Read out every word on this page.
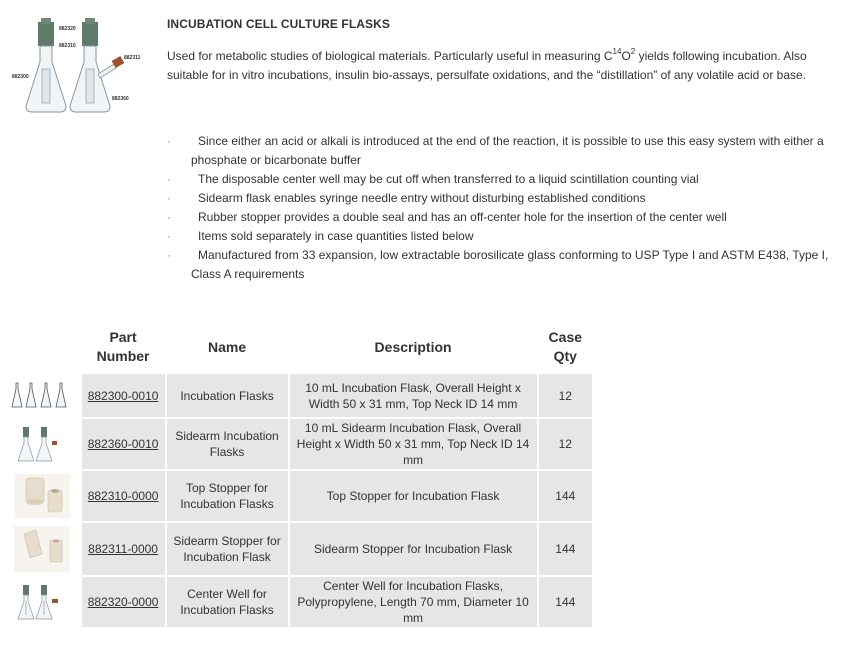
882320
882310
882300
882311
882360
INCUBATION CELL CULTURE FLASKS
Used for metabolic studies of biological materials. Particularly useful in measuring $C^{14}O^2$ yields following incubation. Also suitable for in vitro incubations, insulin bio-assays, persulfate oxidations, and the “distillation” of any volatile acid or base.
· Since either an acid or alkali is introduced at the end of the reaction, it is possible to use this easy system with either a phosphate or bicarbonate buffer
· The disposable center well may be cut off when transferred to a liquid scintillation counting vial
· Sidearm flask enables syringe needle entry without disturbing established conditions
· Rubber stopper provides a double seal and has an off-center hole for the insertion of the center well
· Items sold separately in case quantities listed below
· Manufactured from 33 expansion, low extractable borosilicate glass conforming to USP Type I and ASTM E438, Type I, Class A requirements
	Part Number	Name	Description	Case Qty

	882300-0010	Incubation Flasks	10 mL Incubation Flask, Overall Height x Width 50 x 31 mm, Top Neck ID 14 mm	12

	882360-0010	Sidearm Incubation Flasks	10 mL Sidearm Incubation Flask, Overall Height x Width 50 x 31 mm, Top Neck ID 14 mm	12

	882310-0000	Top Stopper for Incubation Flasks	Top Stopper for Incubation Flask	144

	882311-0000	Sidearm Stopper for Incubation Flask	Sidearm Stopper for Incubation Flask	144

	882320-0000	Center Well for Incubation Flasks	Center Well for Incubation Flasks, Polypropylene, Length 70 mm, Diameter 10 mm	144
